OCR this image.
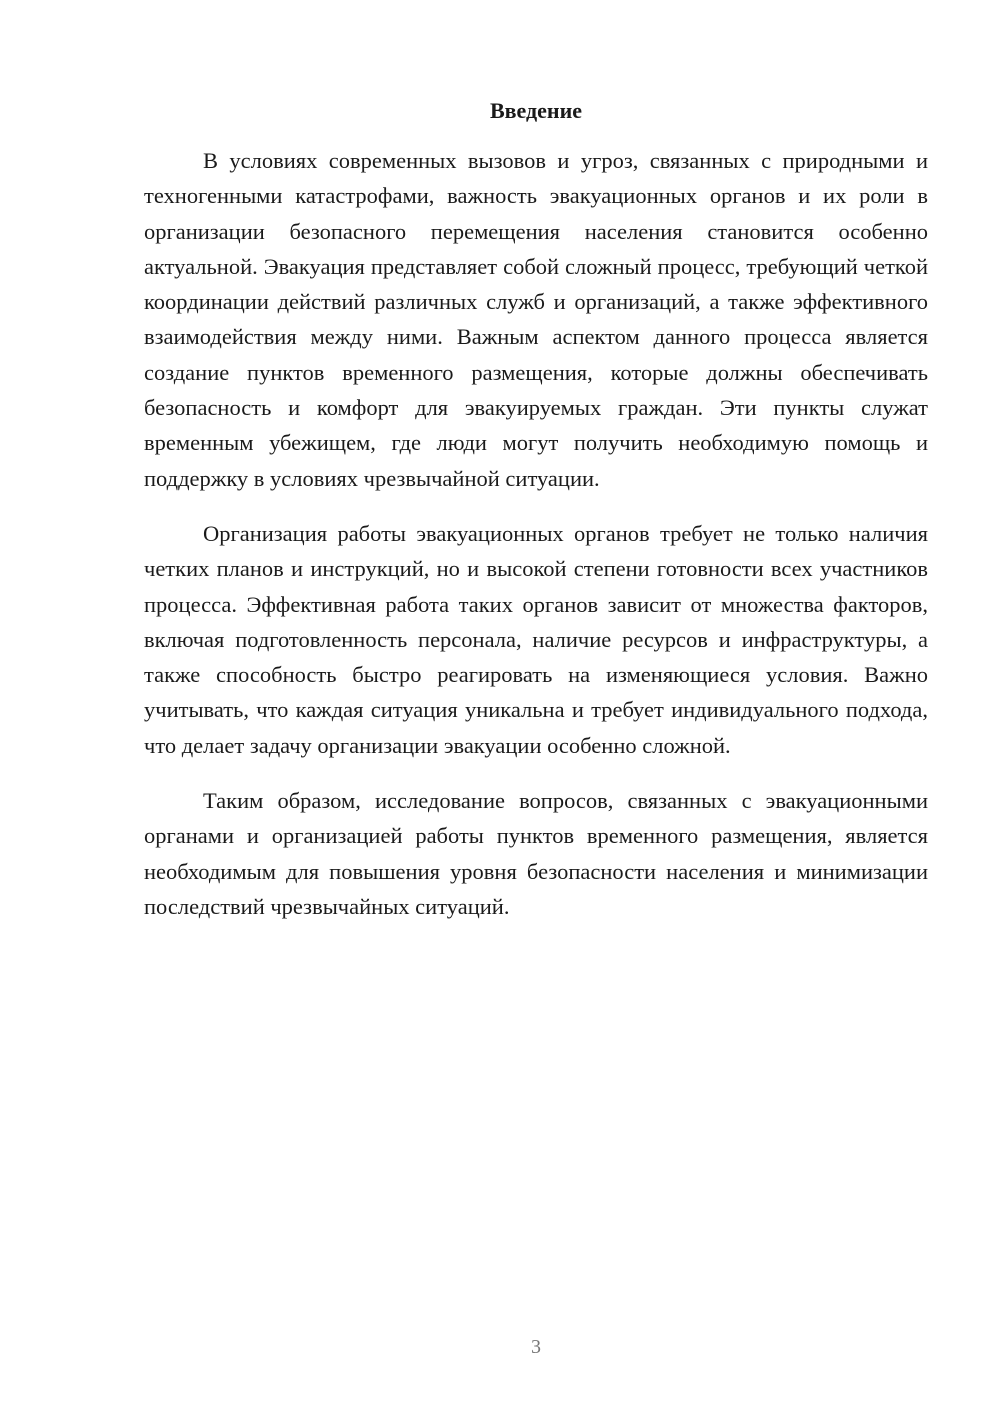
Введение

В условиях современных вызовов и угроз, связанных с природными и техногенными катастрофами, важность эвакуационных органов и их роли в организации безопасного перемещения населения становится особенно актуальной. Эвакуация представляет собой сложный процесс, требующий четкой координации действий различных служб и организаций, а также эффективного взаимодействия между ними. Важным аспектом данного процесса является создание пунктов временного размещения, которые должны обеспечивать безопасность и комфорт для эвакуируемых граждан. Эти пункты служат временным убежищем, где люди могут получить необходимую помощь и поддержку в условиях чрезвычайной ситуации.

Организация работы эвакуационных органов требует не только наличия четких планов и инструкций, но и высокой степени готовности всех участников процесса. Эффективная работа таких органов зависит от множества факторов, включая подготовленность персонала, наличие ресурсов и инфраструктуры, а также способность быстро реагировать на изменяющиеся условия. Важно учитывать, что каждая ситуация уникальна и требует индивидуального подхода, что делает задачу организации эвакуации особенно сложной.

Таким образом, исследование вопросов, связанных с эвакуационными органами и организацией работы пунктов временного размещения, является необходимым для повышения уровня безопасности населения и минимизации последствий чрезвычайных ситуаций.

3
